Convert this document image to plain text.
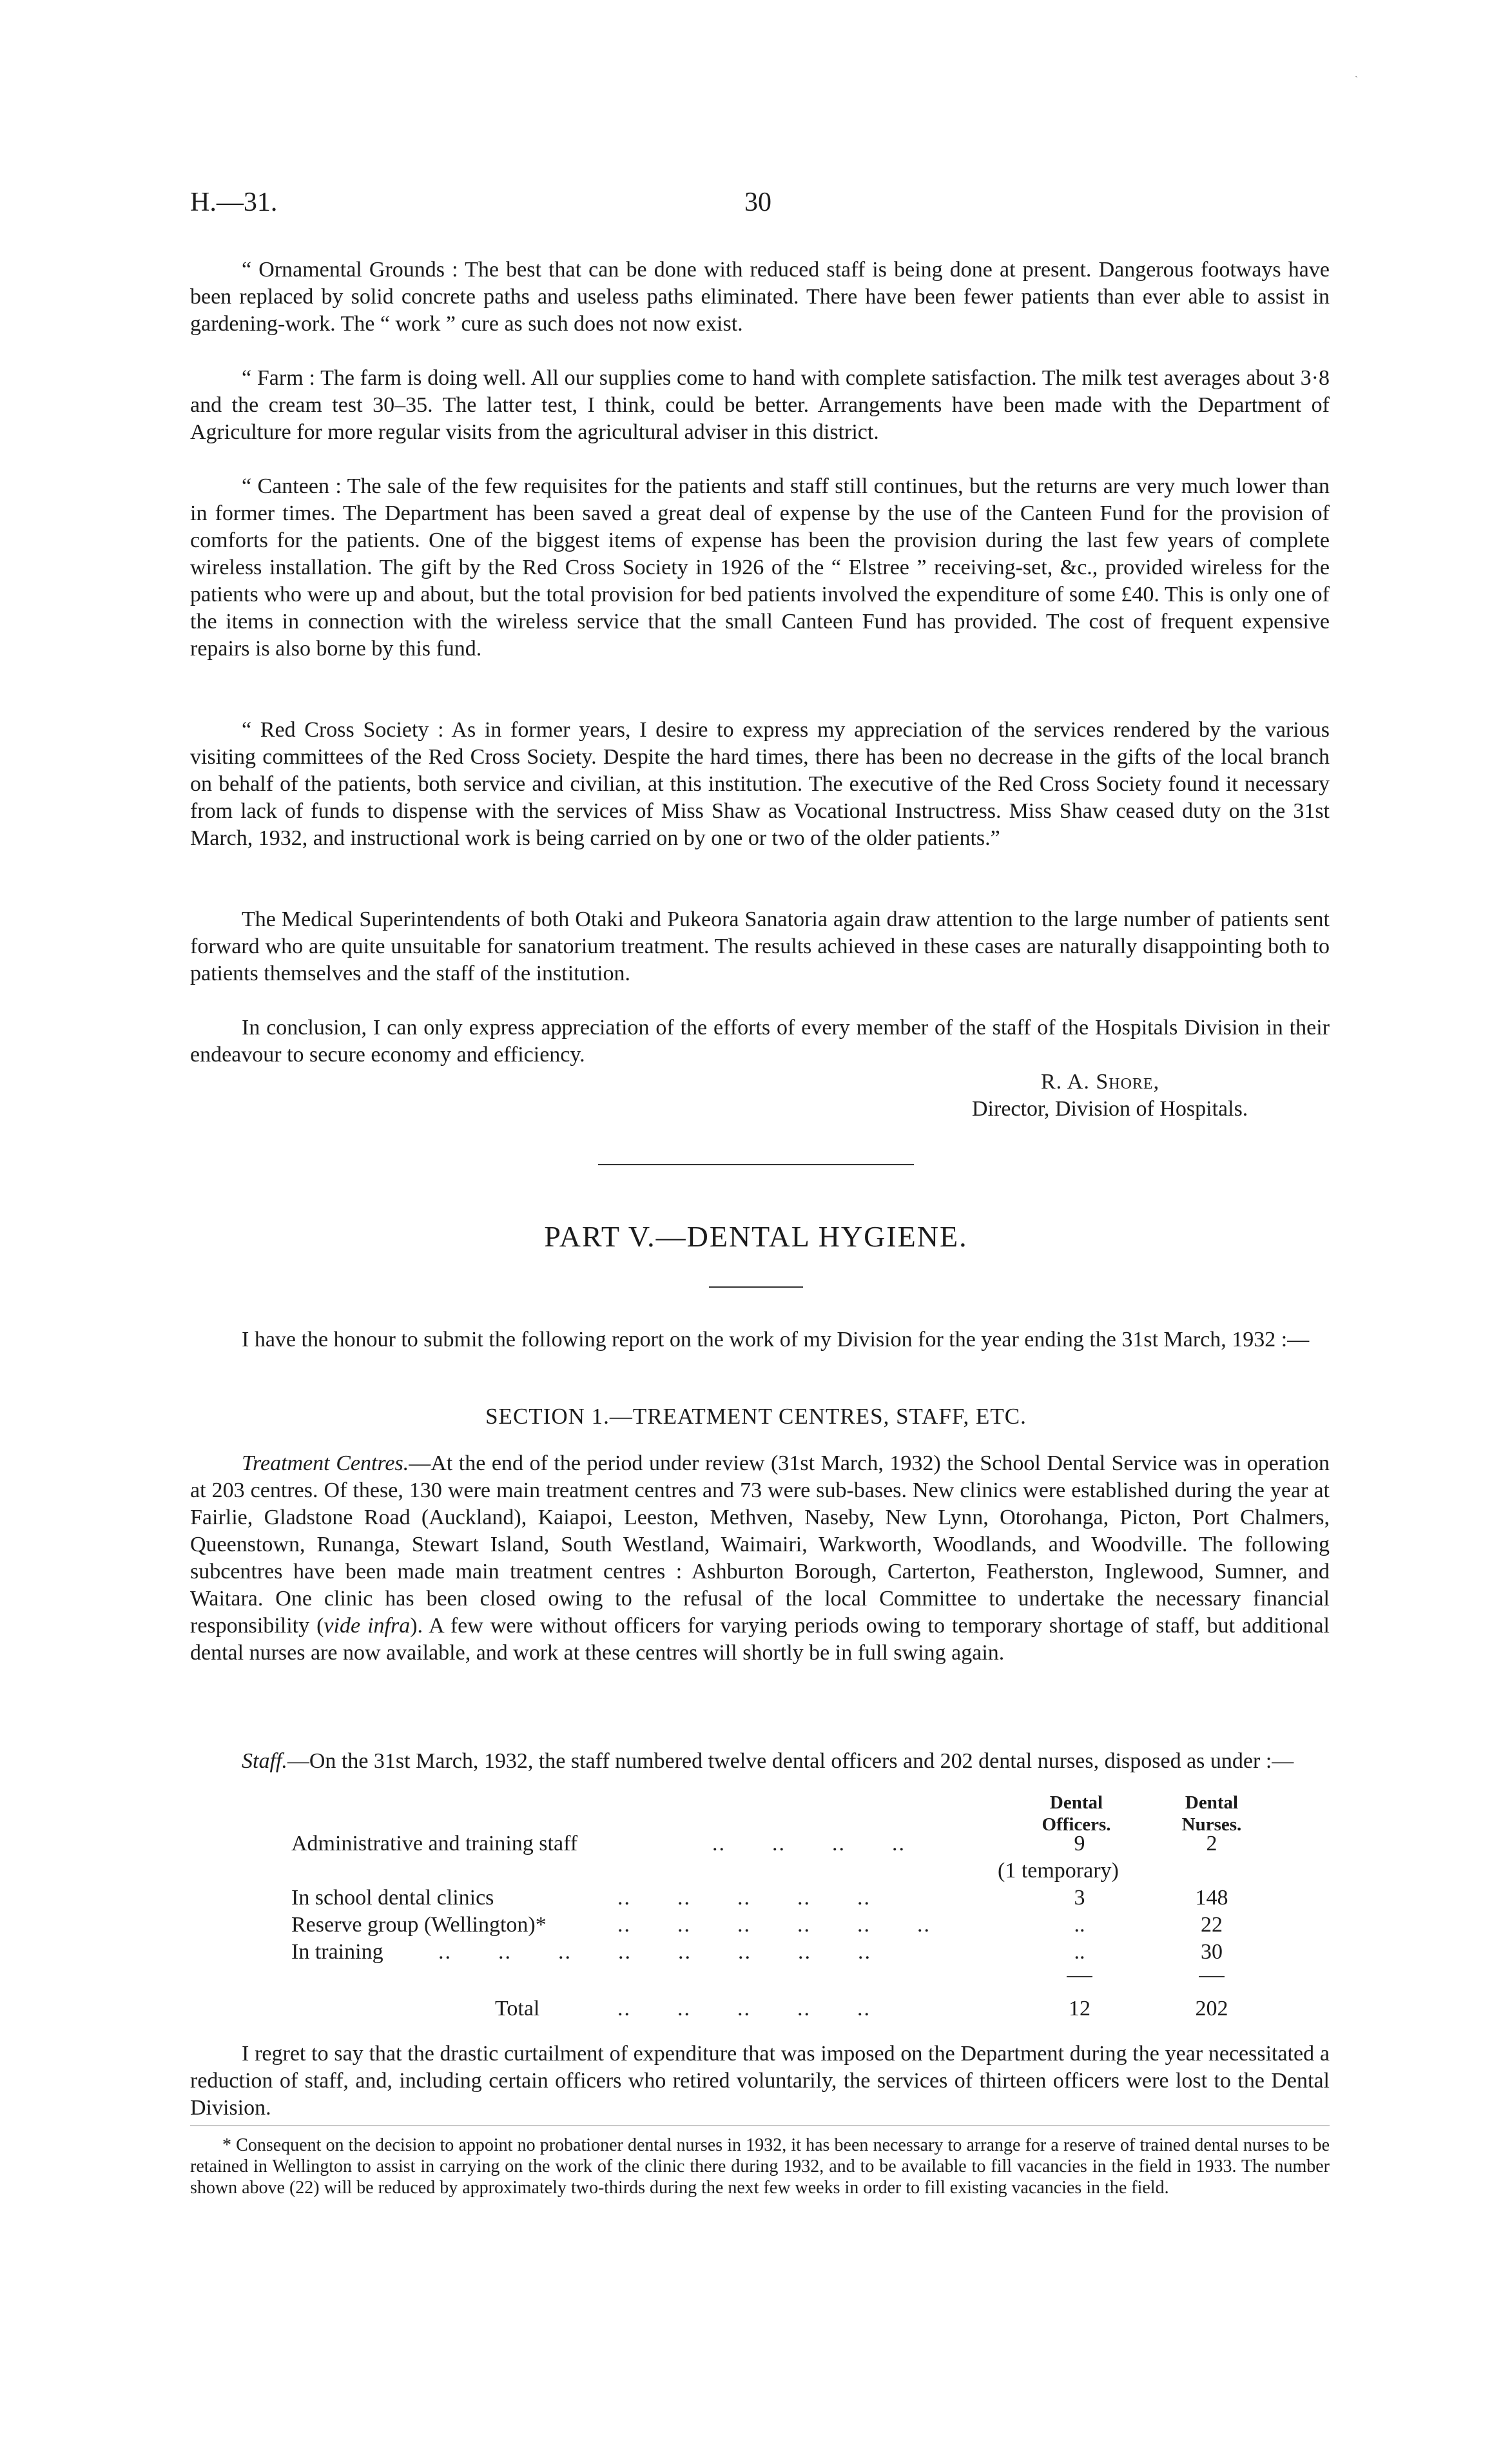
ˏ
H.—31.	30

“ Ornamental Grounds : The best that can be done with reduced staff is being done at present. Dangerous footways have been replaced by solid concrete paths and useless paths eliminated. There have been fewer patients than ever able to assist in gardening-work. The “ work ” cure as such does not now exist.

“ Farm : The farm is doing well. All our supplies come to hand with complete satisfaction. The milk test averages about 3·8 and the cream test 30–35. The latter test, I think, could be better. Arrangements have been made with the Department of Agriculture for more regular visits from the agricultural adviser in this district.

“ Canteen : The sale of the few requisites for the patients and staff still continues, but the returns are very much lower than in former times. The Department has been saved a great deal of expense by the use of the Canteen Fund for the provision of comforts for the patients. One of the biggest items of expense has been the provision during the last few years of complete wireless installation. The gift by the Red Cross Society in 1926 of the “ Elstree ” receiving-set, &c., provided wireless for the patients who were up and about, but the total provision for bed patients involved the expenditure of some £40. This is only one of the items in connection with the wireless service that the small Canteen Fund has provided. The cost of frequent expensive repairs is also borne by this fund.

“ Red Cross Society : As in former years, I desire to express my appreciation of the services rendered by the various visiting committees of the Red Cross Society. Despite the hard times, there has been no decrease in the gifts of the local branch on behalf of the patients, both service and civilian, at this institution. The executive of the Red Cross Society found it necessary from lack of funds to dispense with the services of Miss Shaw as Vocational Instructress. Miss Shaw ceased duty on the 31st March, 1932, and instructional work is being carried on by one or two of the older patients.”

The Medical Superintendents of both Otaki and Pukeora Sanatoria again draw attention to the large number of patients sent forward who are quite unsuitable for sanatorium treatment. The results achieved in these cases are naturally disappointing both to patients themselves and the staff of the institution.

In conclusion, I can only express appreciation of the efforts of every member of the staff of the Hospitals Division in their endeavour to secure economy and efficiency.

R. A. Shore,
Director, Division of Hospitals.
PART V.—DENTAL HYGIENE.

I have the honour to submit the following report on the work of my Division for the year ending the 31st March, 1932 :—

SECTION 1.—TREATMENT CENTRES, STAFF, ETC.

Treatment Centres.—At the end of the period under review (31st March, 1932) the School Dental Service was in operation at 203 centres. Of these, 130 were main treatment centres and 73 were sub-bases. New clinics were established during the year at Fairlie, Gladstone Road (Auckland), Kaiapoi, Leeston, Methven, Naseby, New Lynn, Otorohanga, Picton, Port Chalmers, Queenstown, Runanga, Stewart Island, South Westland, Waimairi, Warkworth, Woodlands, and Woodville. The following subcentres have been made main treatment centres : Ashburton Borough, Carterton, Featherston, Inglewood, Sumner, and Waitara. One clinic has been closed owing to the refusal of the local Committee to undertake the necessary financial responsibility (vide infra). A few were without officers for varying periods owing to temporary shortage of staff, but additional dental nurses are now available, and work at these centres will shortly be in full swing again.

Staff.—On the 31st March, 1932, the staff numbered twelve dental officers and 202 dental nurses, disposed as under :—

Dental Officers.
Dental Nurses.
Administrative and training staff	..  ..  ..  ..	9	2
(1 temporary)
In school dental clinics	..  ..  ..  ..  ..	3	148
Reserve group (Wellington)*	..  ..  ..  ..  ..  ..	..	22
In training	..  ..  ..  ..  ..  ..  ..  ..	..	30
Total	..  ..  ..  ..  ..	12	202

I regret to say that the drastic curtailment of expenditure that was imposed on the Department during the year necessitated a reduction of staff, and, including certain officers who retired voluntarily, the services of thirteen officers were lost to the Dental Division.

* Consequent on the decision to appoint no probationer dental nurses in 1932, it has been necessary to arrange for a reserve of trained dental nurses to be retained in Wellington to assist in carrying on the work of the clinic there during 1932, and to be available to fill vacancies in the field in 1933. The number shown above (22) will be reduced by approximately two-thirds during the next few weeks in order to fill existing vacancies in the field.
